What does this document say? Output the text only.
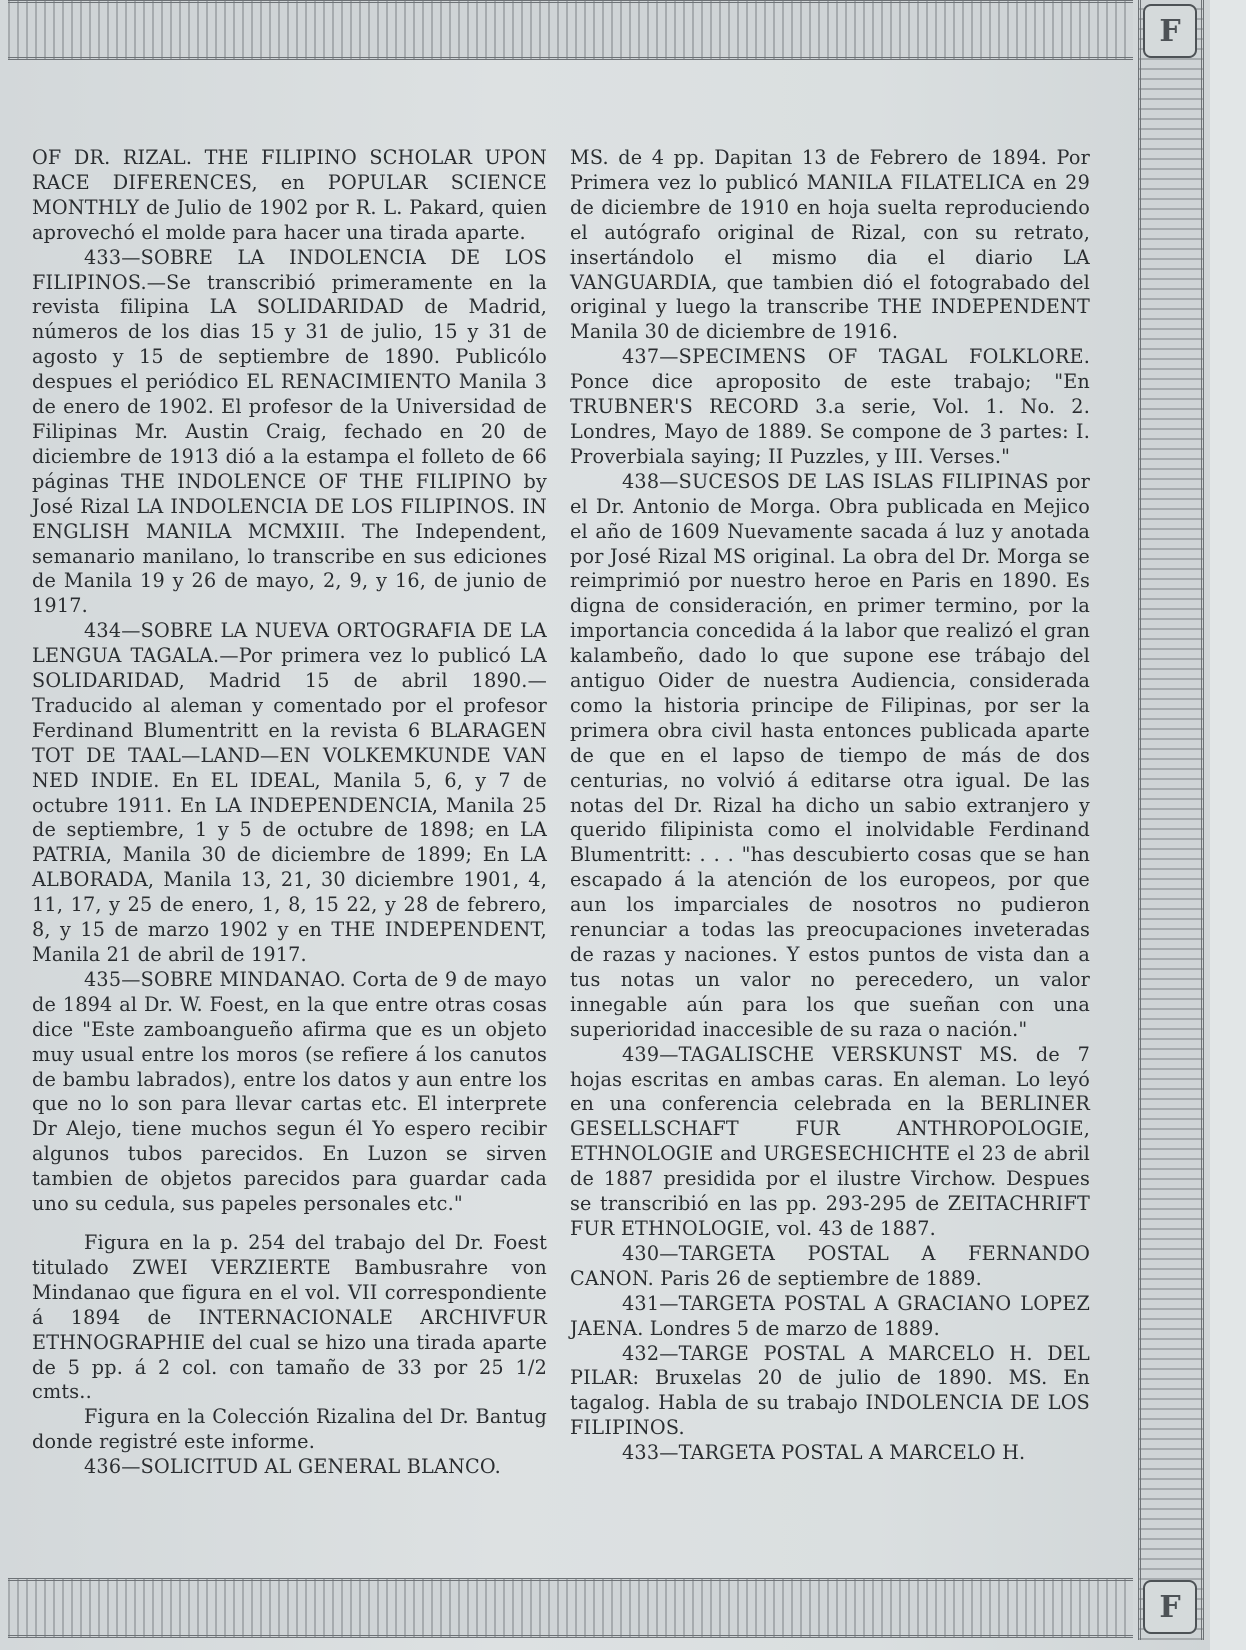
F
F

OF DR. RIZAL. THE FILIPINO SCHOLAR UPON RACE DIFERENCES, en POPULAR SCIENCE MONTHLY de Julio de 1902 por R. L. Pakard, quien aprovechó el molde para hacer una tirada aparte.

433—SOBRE LA INDOLENCIA DE LOS FILIPINOS.—Se transcribió primeramente en la revista filipina LA SOLIDARIDAD de Madrid, números de los dias 15 y 31 de julio, 15 y 31 de agosto y 15 de septiembre de 1890. Publicólo despues el periódico EL RENACIMIENTO Manila 3 de enero de 1902. El profesor de la Universidad de Filipinas Mr. Austin Craig, fechado en 20 de diciembre de 1913 dió a la estampa el folleto de 66 páginas THE INDOLENCE OF THE FILIPINO by José Rizal LA INDOLENCIA DE LOS FILIPINOS. IN ENGLISH MANILA MCMXIII. The Independent, semanario manilano, lo transcribe en sus ediciones de Manila 19 y 26 de mayo, 2, 9, y 16, de junio de 1917.

434—SOBRE LA NUEVA ORTOGRAFIA DE LA LENGUA TAGALA.—Por primera vez lo publicó LA SOLIDARIDAD, Madrid 15 de abril 1890.—Traducido al aleman y comentado por el profesor Ferdinand Blumentritt en la revista 6 BLARAGEN TOT DE TAAL—LAND—EN VOLKEMKUNDE VAN NED INDIE. En EL IDEAL, Manila 5, 6, y 7 de octubre 1911. En LA INDEPENDENCIA, Manila 25 de septiembre, 1 y 5 de octubre de 1898; en LA PATRIA, Manila 30 de diciembre de 1899; En LA ALBORADA, Manila 13, 21, 30 diciembre 1901, 4, 11, 17, y 25 de enero, 1, 8, 15 22, y 28 de febrero, 8, y 15 de marzo 1902 y en THE INDEPENDENT, Manila 21 de abril de 1917.

435—SOBRE MINDANAO. Corta de 9 de mayo de 1894 al Dr. W. Foest, en la que entre otras cosas dice "Este zamboangueño afirma que es un objeto muy usual entre los moros (se refiere á los canutos de bambu labrados), entre los datos y aun entre los que no lo son para llevar cartas etc. El interprete Dr Alejo, tiene muchos segun él Yo espero recibir algunos tubos parecidos. En Luzon se sirven tambien de objetos parecidos para guardar cada uno su cedula, sus papeles personales etc."

Figura en la p. 254 del trabajo del Dr. Foest titulado ZWEI VERZIERTE Bambusrahre von Mindanao que figura en el vol. VII correspondiente á 1894 de INTERNACIONALE ARCHIVFUR ETHNOGRAPHIE del cual se hizo una tirada aparte de 5 pp. á 2 col. con tamaño de 33 por 25 1/2 cmts..

Figura en la Colección Rizalina del Dr. Bantug donde registré este informe.

436—SOLICITUD AL GENERAL BLANCO.

MS. de 4 pp. Dapitan 13 de Febrero de 1894. Por Primera vez lo publicó MANILA FILATELICA en 29 de diciembre de 1910 en hoja suelta reproduciendo el autógrafo original de Rizal, con su retrato, insertándolo el mismo dia el diario LA VANGUARDIA, que tambien dió el fotograbado del original y luego la transcribe THE INDEPENDENT Manila 30 de diciembre de 1916.

437—SPECIMENS OF TAGAL FOLKLORE. Ponce dice aproposito de este trabajo; "En TRUBNER'S RECORD 3.a serie, Vol. 1. No. 2. Londres, Mayo de 1889. Se compone de 3 partes: I. Proverbiala saying; II Puzzles, y III. Verses."

438—SUCESOS DE LAS ISLAS FILIPINAS por el Dr. Antonio de Morga. Obra publicada en Mejico el año de 1609 Nuevamente sacada á luz y anotada por José Rizal MS original. La obra del Dr. Morga se reimprimió por nuestro heroe en Paris en 1890. Es digna de consideración, en primer termino, por la importancia concedida á la labor que realizó el gran kalambeño, dado lo que supone ese trábajo del antiguo Oider de nuestra Audiencia, considerada como la historia principe de Filipinas, por ser la primera obra civil hasta entonces publicada aparte de que en el lapso de tiempo de más de dos centurias, no volvió á editarse otra igual. De las notas del Dr. Rizal ha dicho un sabio extranjero y querido filipinista como el inolvidable Ferdinand Blumentritt: . . . "has descubierto cosas que se han escapado á la atención de los europeos, por que aun los imparciales de nosotros no pudieron renunciar a todas las preocupaciones inveteradas de razas y naciones. Y estos puntos de vista dan a tus notas un valor no perecedero, un valor innegable aún para los que sueñan con una superioridad inaccesible de su raza o nación."

439—TAGALISCHE VERSKUNST MS. de 7 hojas escritas en ambas caras. En aleman. Lo leyó en una conferencia celebrada en la BERLINER GESELLSCHAFT FUR ANTHROPOLOGIE, ETHNOLOGIE and URGESECHICHTE el 23 de abril de 1887 presidida por el ilustre Virchow. Despues se transcribió en las pp. 293-295 de ZEITACHRIFT FUR ETHNOLOGIE, vol. 43 de 1887.

430—TARGETA POSTAL A FERNANDO CANON. Paris 26 de septiembre de 1889.

431—TARGETA POSTAL A GRACIANO LOPEZ JAENA. Londres 5 de marzo de 1889.

432—TARGE POSTAL A MARCELO H. DEL PILAR: Bruxelas 20 de julio de 1890. MS. En tagalog. Habla de su trabajo INDOLENCIA DE LOS FILIPINOS.

433—TARGETA POSTAL A MARCELO H.
